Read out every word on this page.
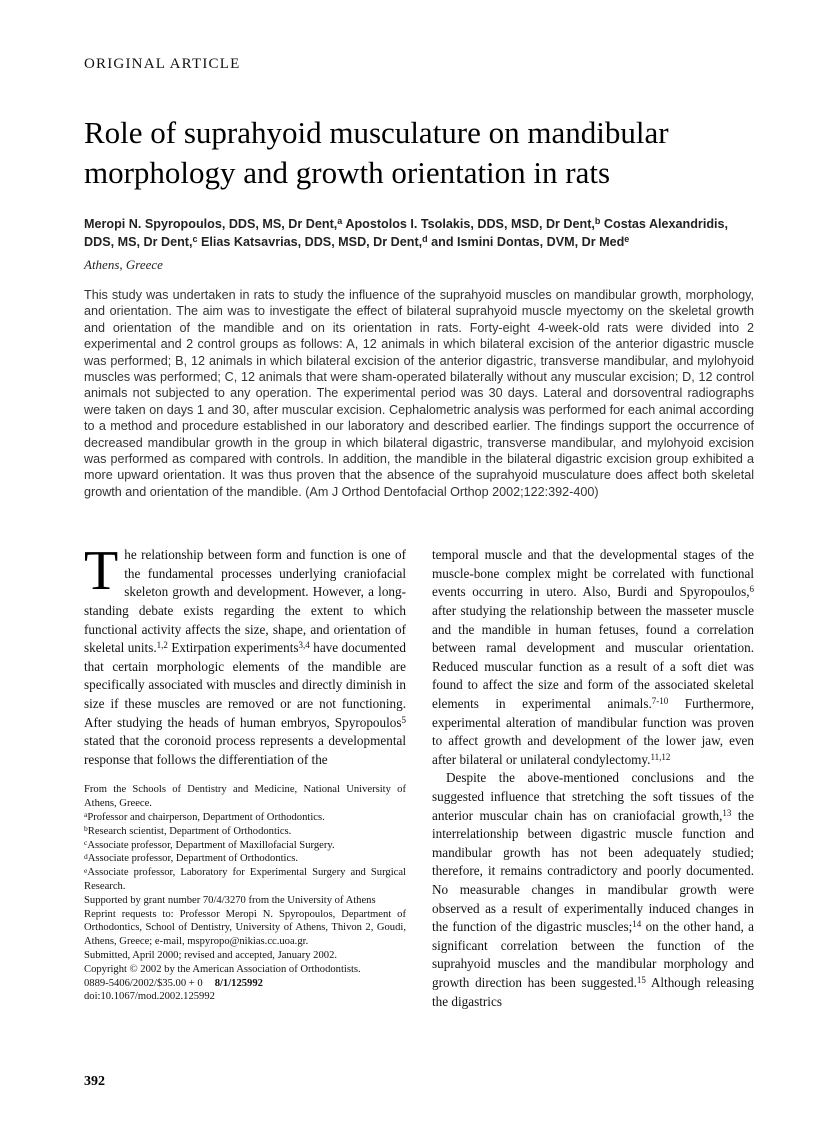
ORIGINAL ARTICLE
Role of suprahyoid musculature on mandibular morphology and growth orientation in rats
Meropi N. Spyropoulos, DDS, MS, Dr Dent,$^a$ Apostolos I. Tsolakis, DDS, MSD, Dr Dent,$^b$ Costas Alexandridis, DDS, MS, Dr Dent,$^c$ Elias Katsavrias, DDS, MSD, Dr Dent,$^d$ and Ismini Dontas, DVM, Dr Med$^e$
Athens, Greece
This study was undertaken in rats to study the influence of the suprahyoid muscles on mandibular growth, morphology, and orientation. The aim was to investigate the effect of bilateral suprahyoid muscle myectomy on the skeletal growth and orientation of the mandible and on its orientation in rats. Forty-eight 4-week-old rats were divided into 2 experimental and 2 control groups as follows: A, 12 animals in which bilateral excision of the anterior digastric muscle was performed; B, 12 animals in which bilateral excision of the anterior digastric, transverse mandibular, and mylohyoid muscles was performed; C, 12 animals that were sham-operated bilaterally without any muscular excision; D, 12 control animals not subjected to any operation. The experimental period was 30 days. Lateral and dorsoventral radiographs were taken on days 1 and 30, after muscular excision. Cephalometric analysis was performed for each animal according to a method and procedure established in our laboratory and described earlier. The findings support the occurrence of decreased mandibular growth in the group in which bilateral digastric, transverse mandibular, and mylohyoid excision was performed as compared with controls. In addition, the mandible in the bilateral digastric excision group exhibited a more upward orientation. It was thus proven that the absence of the suprahyoid musculature does affect both skeletal growth and orientation of the mandible. (Am J Orthod Dentofacial Orthop 2002;122:392-400)

The relationship between form and function is one of the fundamental processes underlying craniofacial skeleton growth and development. However, a long-standing debate exists regarding the extent to which functional activity affects the size, shape, and orientation of skeletal units.$^{1,2}$ Extirpation experiments$^{3,4}$ have documented that certain morphologic elements of the mandible are specifically associated with muscles and directly diminish in size if these muscles are removed or are not functioning. After studying the heads of human embryos, Spyropoulos$^5$ stated that the coronoid process represents a developmental response that follows the differentiation of the

From the Schools of Dentistry and Medicine, National University of Athens, Greece.
$^a$Professor and chairperson, Department of Orthodontics.
$^b$Research scientist, Department of Orthodontics.
$^c$Associate professor, Department of Maxillofacial Surgery.
$^d$Associate professor, Department of Orthodontics.
$^e$Associate professor, Laboratory for Experimental Surgery and Surgical Research.
Supported by grant number 70/4/3270 from the University of Athens
Reprint requests to: Professor Meropi N. Spyropoulos, Department of Orthodontics, School of Dentistry, University of Athens, Thivon 2, Goudi, Athens, Greece; e-mail, mspyropo@nikias.cc.uoa.gr.
Submitted, April 2000; revised and accepted, January 2002.
Copyright © 2002 by the American Association of Orthodontists.
0889-5406/2002/$35.00 + 0 8/1/125992
doi:10.1067/mod.2002.125992

temporal muscle and that the developmental stages of the muscle-bone complex might be correlated with functional events occurring in utero. Also, Burdi and Spyropoulos,$^6$ after studying the relationship between the masseter muscle and the mandible in human fetuses, found a correlation between ramal development and muscular orientation. Reduced muscular function as a result of a soft diet was found to affect the size and form of the associated skeletal elements in experimental animals.$^{7-10}$ Furthermore, experimental alteration of mandibular function was proven to affect growth and development of the lower jaw, even after bilateral or unilateral condylectomy.$^{11,12}$

Despite the above-mentioned conclusions and the suggested influence that stretching the soft tissues of the anterior muscular chain has on craniofacial growth,$^{13}$ the interrelationship between digastric muscle function and mandibular growth has not been adequately studied; therefore, it remains contradictory and poorly documented. No measurable changes in mandibular growth were observed as a result of experimentally induced changes in the function of the digastric muscles;$^{14}$ on the other hand, a significant correlation between the function of the suprahyoid muscles and the mandibular morphology and growth direction has been suggested.$^{15}$ Although releasing the digastrics

392
